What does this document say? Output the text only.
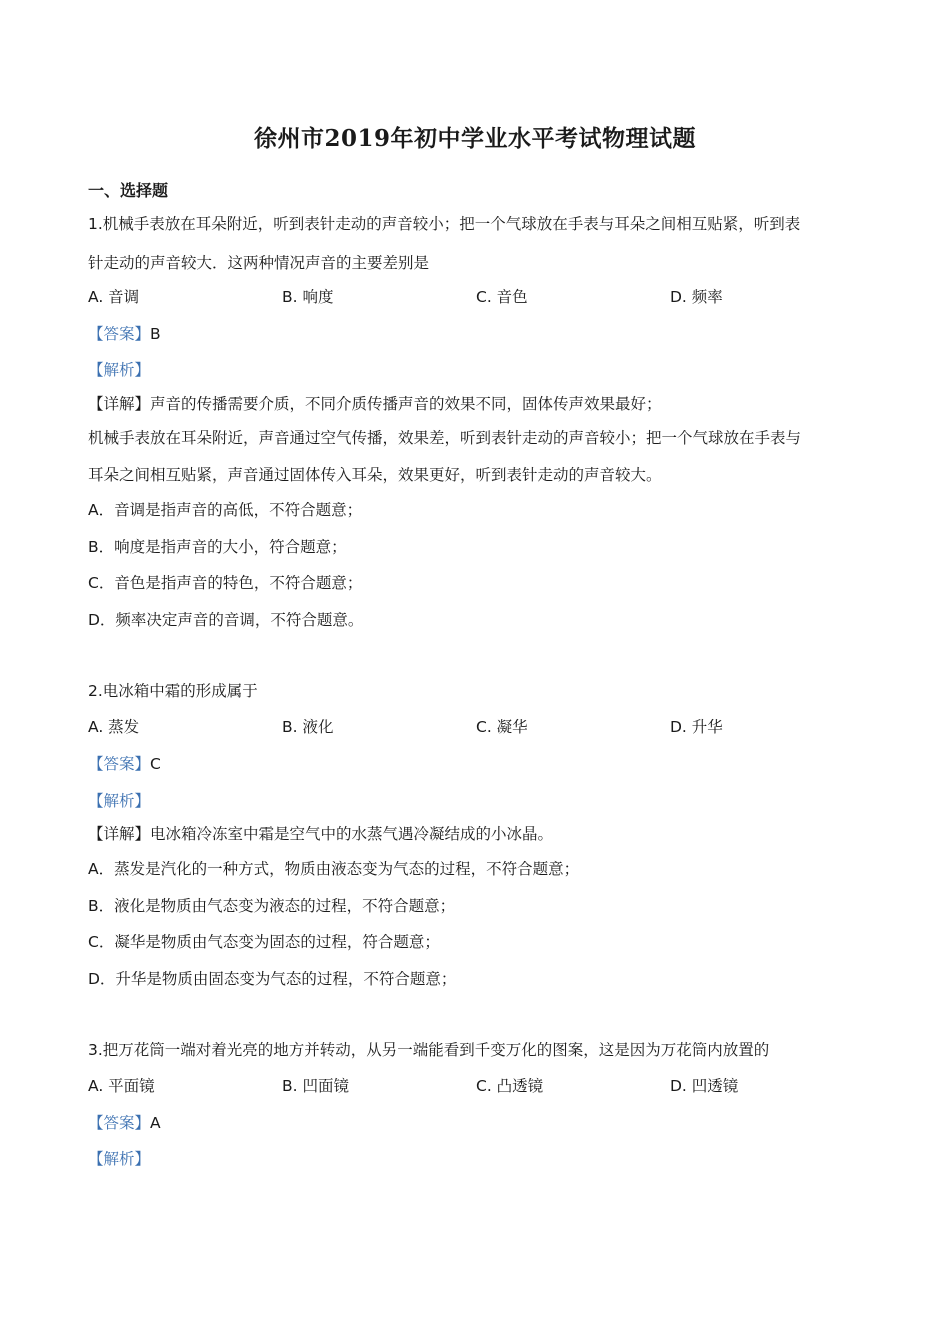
徐州市2019年初中学业水平考试物理试题
一、选择题
1.机械手表放在耳朵附近，听到表针走动的声音较小；把一个气球放在手表与耳朵之间相互贴紧，听到表
针走动的声音较大．这两种情况声音的主要差别是
A. 音调	B. 响度	C. 音色	D. 频率
【答案】B
【解析】
【详解】声音的传播需要介质，不同介质传播声音的效果不同，固体传声效果最好；
机械手表放在耳朵附近，声音通过空气传播，效果差，听到表针走动的声音较小；把一个气球放在手表与
耳朵之间相互贴紧，声音通过固体传入耳朵，效果更好，听到表针走动的声音较大。
A．音调是指声音的高低，不符合题意；
B．响度是指声音的大小，符合题意；
C．音色是指声音的特色，不符合题意；
D．频率决定声音的音调，不符合题意。
2.电冰箱中霜的形成属于
A. 蒸发	B. 液化	C. 凝华	D. 升华
【答案】C
【解析】
【详解】电冰箱冷冻室中霜是空气中的水蒸气遇冷凝结成的小冰晶。
A．蒸发是汽化的一种方式，物质由液态变为气态的过程，不符合题意；
B．液化是物质由气态变为液态的过程，不符合题意；
C．凝华是物质由气态变为固态的过程，符合题意；
D．升华是物质由固态变为气态的过程，不符合题意；
3.把万花筒一端对着光亮的地方并转动，从另一端能看到千变万化的图案，这是因为万花筒内放置的
A. 平面镜	B. 凹面镜	C. 凸透镜	D. 凹透镜
【答案】A
【解析】
